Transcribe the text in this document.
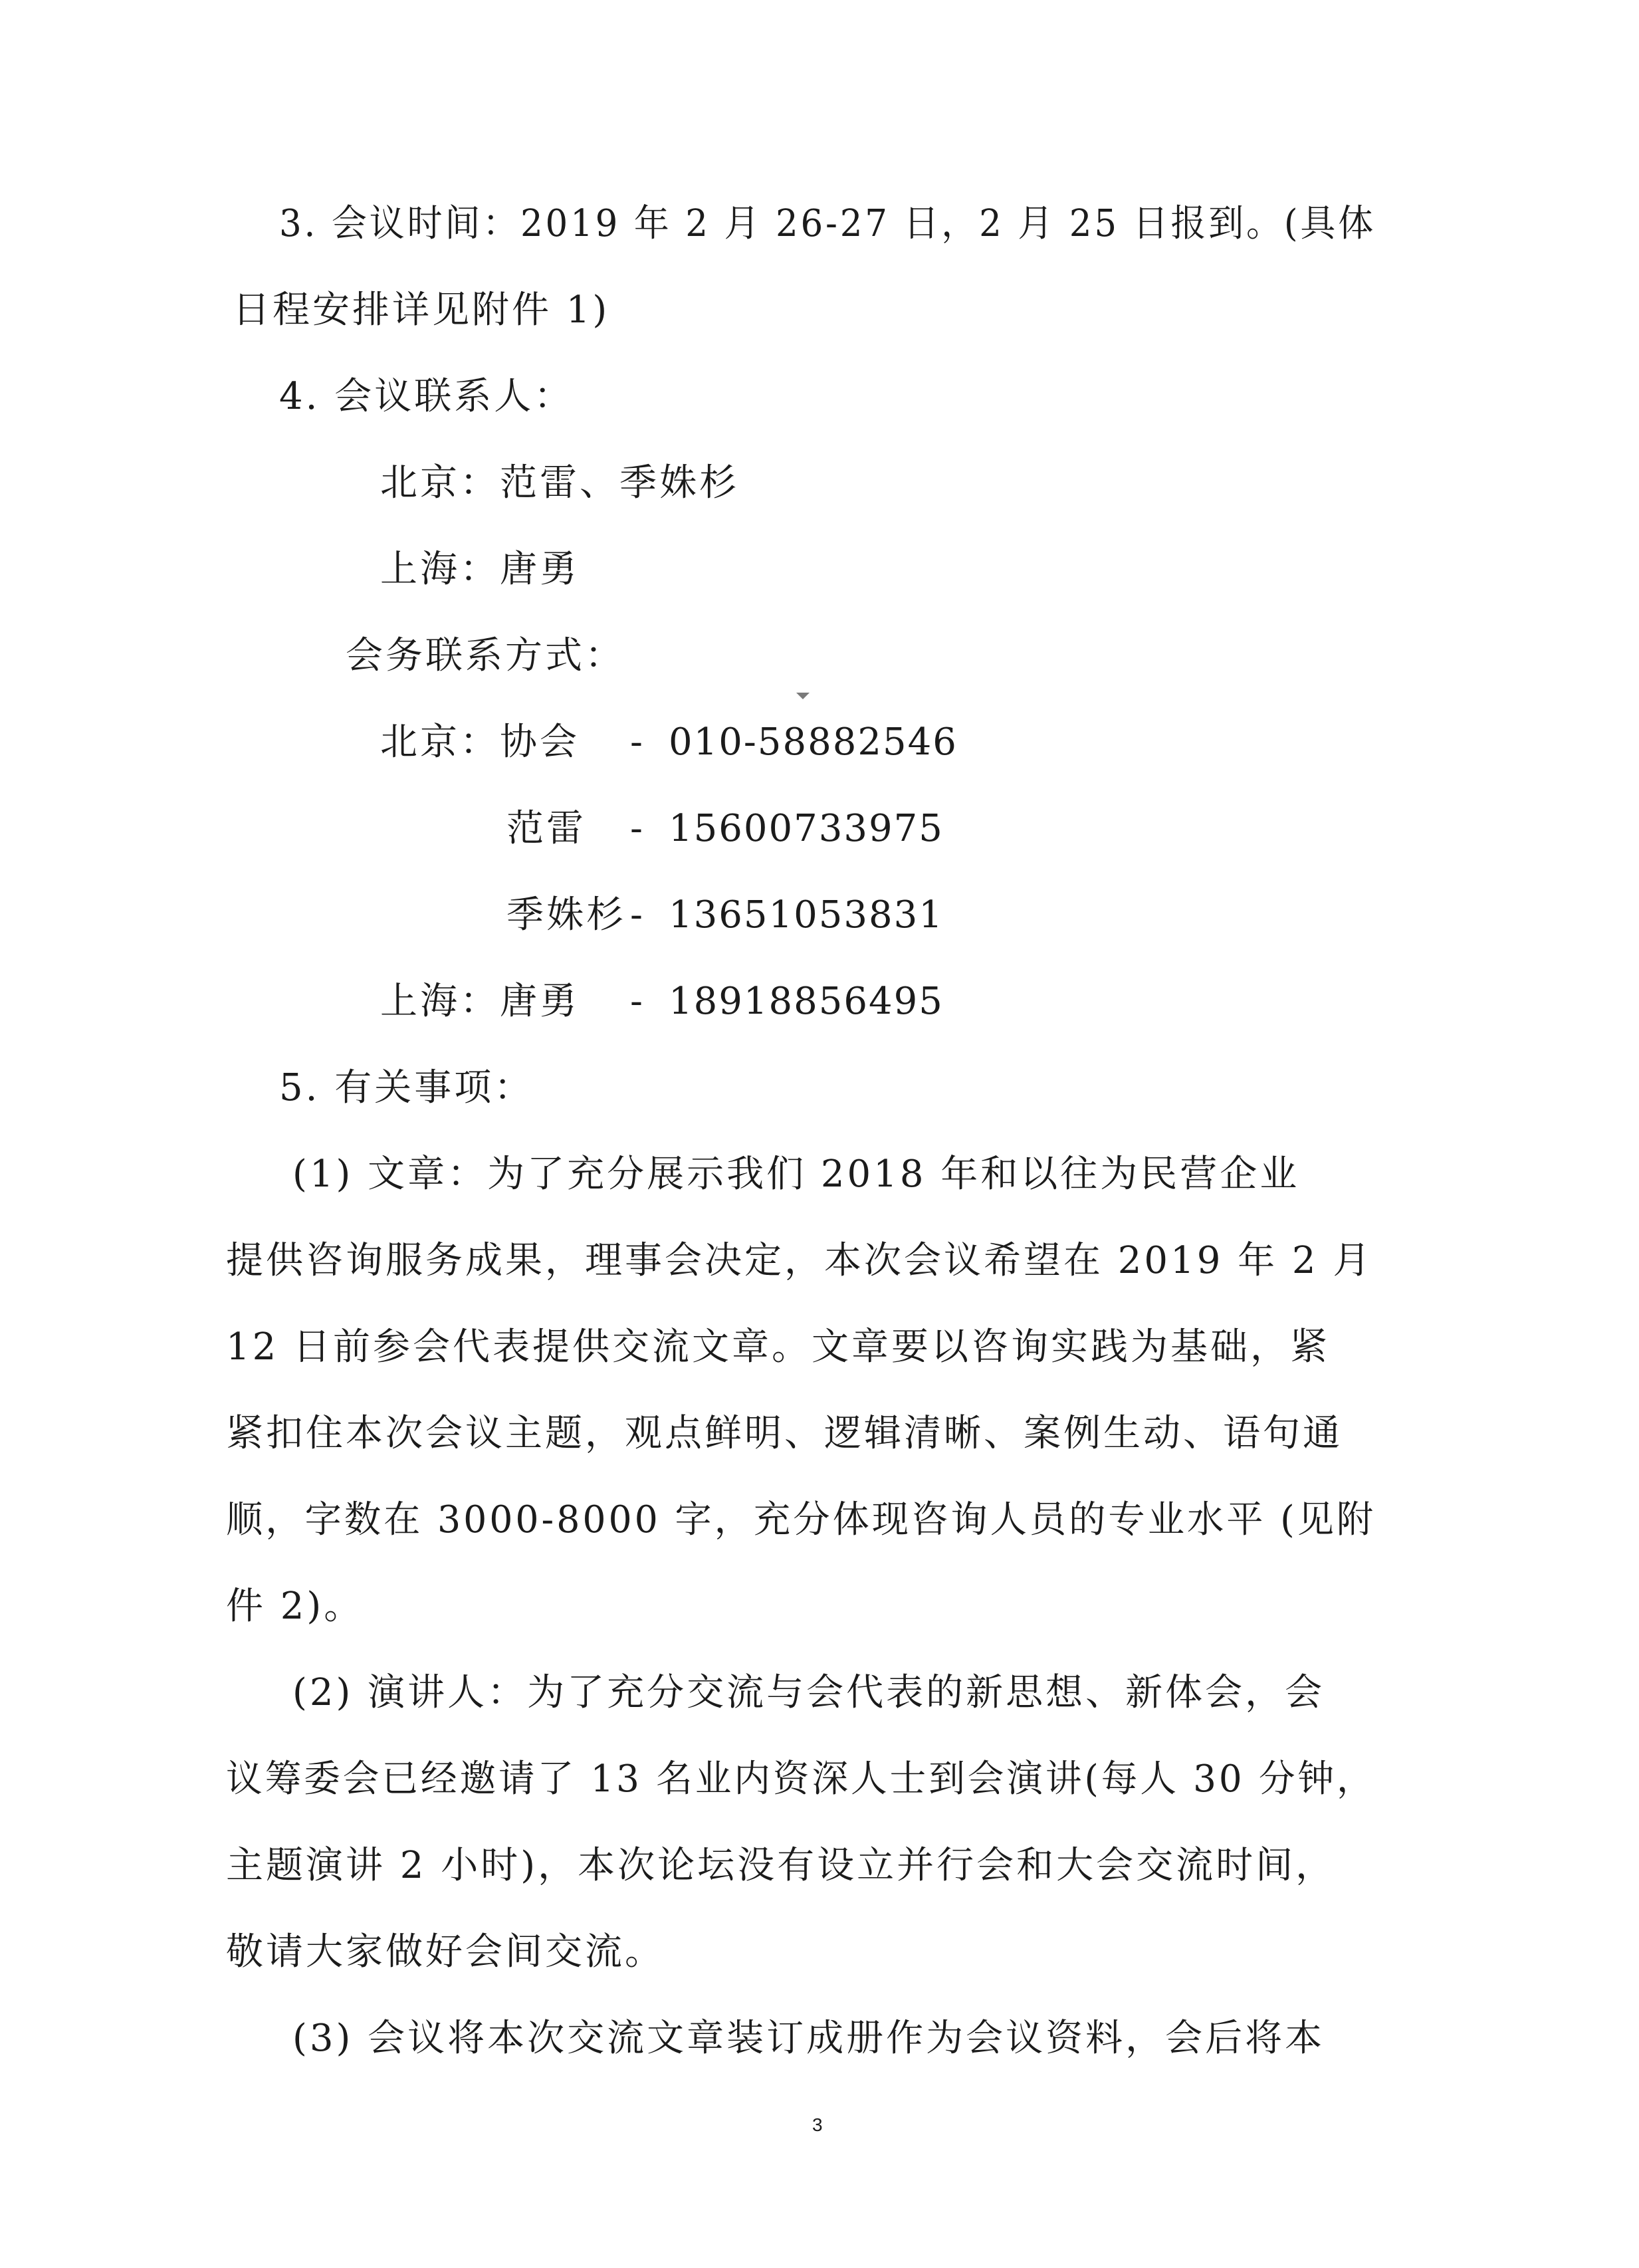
3. 会议时间：2019 年 2 月 26-27 日，2 月 25 日报到。(具体
日程安排详见附件 1)
4. 会议联系人：
北京：范雷、季姝杉
上海：唐勇
会务联系方式：
北京：协会 - 010-58882546
范雷 - 15600733975
季姝杉 - 13651053831
上海：唐勇 - 18918856495
5. 有关事项：
(1) 文章：为了充分展示我们 2018 年和以往为民营企业
提供咨询服务成果，理事会决定，本次会议希望在 2019 年 2 月
12 日前参会代表提供交流文章。文章要以咨询实践为基础，紧
紧扣住本次会议主题，观点鲜明、逻辑清晰、案例生动、语句通
顺，字数在 3000-8000 字，充分体现咨询人员的专业水平 (见附
件 2)。
(2) 演讲人：为了充分交流与会代表的新思想、新体会，会
议筹委会已经邀请了 13 名业内资深人士到会演讲(每人 30 分钟，
主题演讲 2 小时)，本次论坛没有设立并行会和大会交流时间，
敬请大家做好会间交流。
(3) 会议将本次交流文章装订成册作为会议资料，会后将本
3
